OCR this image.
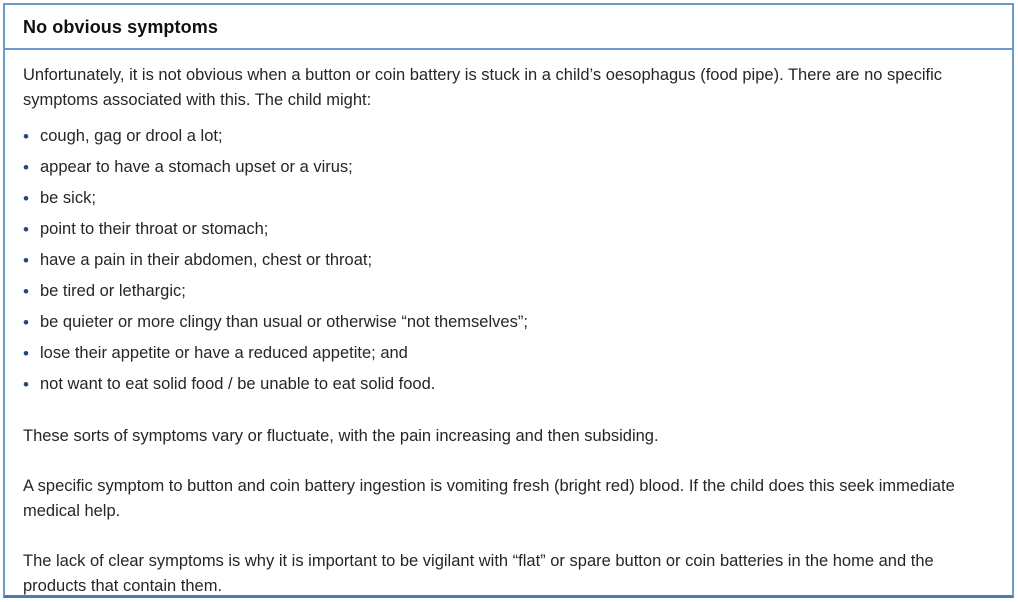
No obvious symptoms

Unfortunately, it is not obvious when a button or coin battery is stuck in a child’s oesophagus (food pipe). There are no specific symptoms associated with this. The child might:

• cough, gag or drool a lot;
• appear to have a stomach upset or a virus;
• be sick;
• point to their throat or stomach;
• have a pain in their abdomen, chest or throat;
• be tired or lethargic;
• be quieter or more clingy than usual or otherwise “not themselves”;
• lose their appetite or have a reduced appetite; and
• not want to eat solid food / be unable to eat solid food.

These sorts of symptoms vary or fluctuate, with the pain increasing and then subsiding.

A specific symptom to button and coin battery ingestion is vomiting fresh (bright red) blood. If the child does this seek immediate medical help.

The lack of clear symptoms is why it is important to be vigilant with “flat” or spare button or coin batteries in the home and the products that contain them.
